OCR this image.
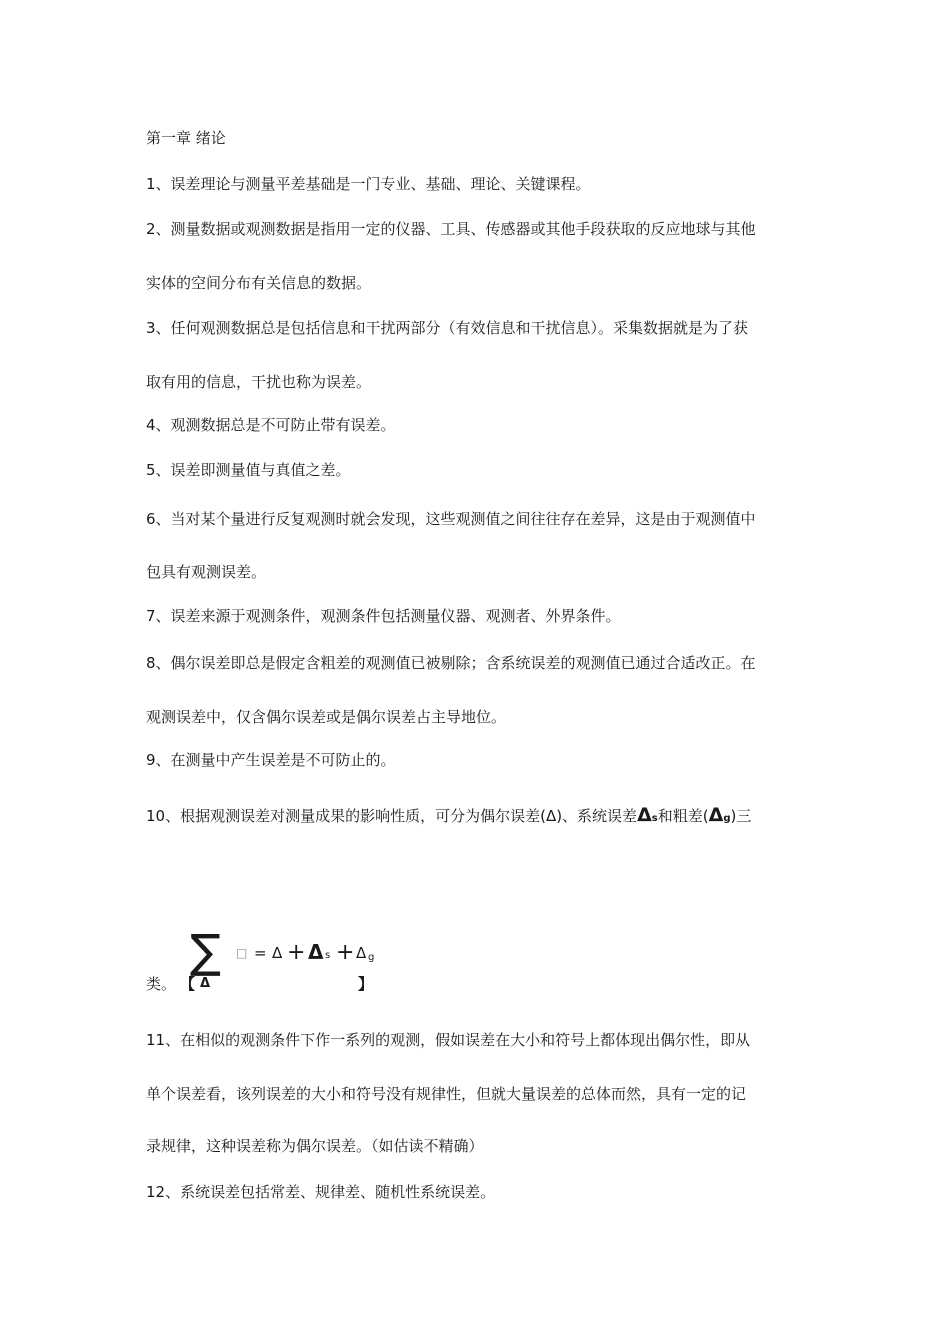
第一章 绪论
1、误差理论与测量平差基础是一门专业、基础、理论、关键课程。
2、测量数据或观测数据是指用一定的仪器、工具、传感器或其他手段获取的反应地球与其他
实体的空间分布有关信息的数据。
3、任何观测数据总是包括信息和干扰两部分（有效信息和干扰信息）。采集数据就是为了获
取有用的信息，干扰也称为误差。
4、观测数据总是不可防止带有误差。
5、误差即测量值与真值之差。
6、当对某个量进行反复观测时就会发现，这些观测值之间往往存在差异，这是由于观测值中
包具有观测误差。
7、误差来源于观测条件，观测条件包括测量仪器、观测者、外界条件。
8、偶尔误差即总是假定含粗差的观测值已被剔除；含系统误差的观测值已通过合适改正。在
观测误差中，仅含偶尔误差或是偶尔误差占主导地位。
9、在测量中产生误差是不可防止的。
10、根据观测误差对测量成果的影响性质，可分为偶尔误差(Δ)、系统误差Δs和粗差(Δg)三
类。 【
∑
Δ
□ = Δ + Δ s + Δ g
】
11、在相似的观测条件下作一系列的观测，假如误差在大小和符号上都体现出偶尔性，即从
单个误差看，该列误差的大小和符号没有规律性，但就大量误差的总体而然，具有一定的记
录规律，这种误差称为偶尔误差。（如估读不精确）
12、系统误差包括常差、规律差、随机性系统误差。
